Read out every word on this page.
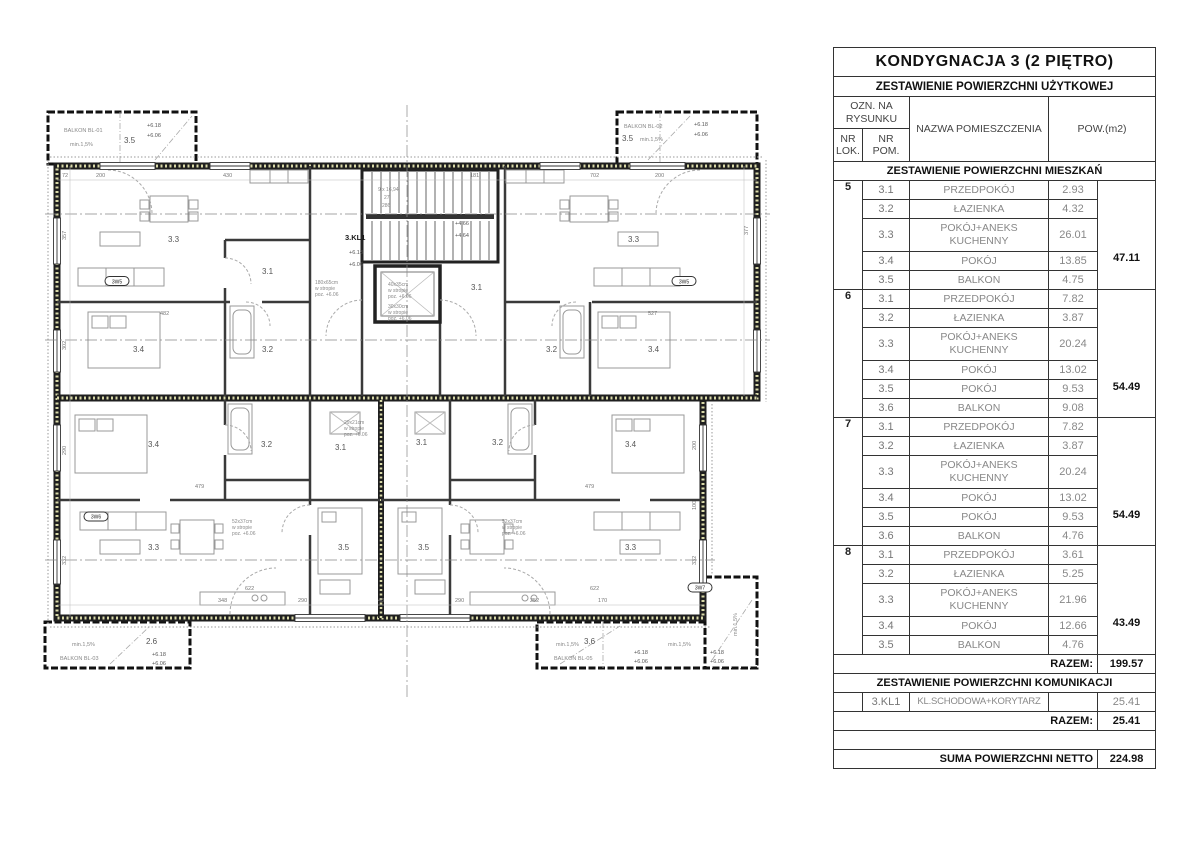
3.3
3.4
3.1
3.2
3.3
3.4
3.1
3.2
3.4	3.2
3.3
3.1
3.5
3.4
3.2
3.3
3.1
3.5
3.5	3.5
2.6	3.6
3.KL1
+6.18
+6.06
+4.66
+4.64
+6.18
+6.06
+6.18
+6.06
+6.18
+6.06
+6.18
+6.06
+6.18
+6.06
BALKON BL-01
min.1,5%
BALKON BL-02
min.1,5%
min.1,5%
BALKON BL-03
min.1,5%
BALKON BL-05
min.1,5%
min.1,5%
9 x 16,94
27
286
40x35cm
w stropie
poz. +6.06
30x30cm
w stropie
poz. +6.06
180x65cm
w stropie
poz. +6.06
29x21cm
w stropie
poz. +6.06
52x37cm
w stropie
poz. +6.06
52x37cm
w stropie
poz. +6.06
72	200	430	181	702	200
348	290	48	290	252	170
622	622
479	479
482	527
357
302
290
332
377
200
100
332
3W5
3W6
3W5
3W7
KONDYGNACJA 3 (2 PIĘTRO)				
ZESTAWIENIE POWIERZCHNI UŻYTKOWEJ				
OZN. NA RYSUNKU		NAZWA POMIESZCZENIA	POW.(m2)	
NR LOK.	NR POM.			
ZESTAWIENIE POWIERZCHNI MIESZKAŃ				
5	3.1	PRZEDPOKÓJ	2.93	47.11
	3.2	ŁAZIENKA	4.32	
	3.3	POKÓJ+ANEKS KUCHENNY	26.01	
	3.4	POKÓJ	13.85	
	3.5	BALKON	4.75	
6	3.1	PRZEDPOKÓJ	7.82	54.49
	3.2	ŁAZIENKA	3.87	
	3.3	POKÓJ+ANEKS KUCHENNY	20.24	
	3.4	POKÓJ	13.02	
	3.5	POKÓJ	9.53	
	3.6	BALKON	9.08	
7	3.1	PRZEDPOKÓJ	7.82	54.49
	3.2	ŁAZIENKA	3.87	
	3.3	POKÓJ+ANEKS KUCHENNY	20.24	
	3.4	POKÓJ	13.02	
	3.5	POKÓJ	9.53	
	3.6	BALKON	4.76	
8	3.1	PRZEDPOKÓJ	3.61	43.49
	3.2	ŁAZIENKA	5.25	
	3.3	POKÓJ+ANEKS KUCHENNY	21.96	
	3.4	POKÓJ	12.66	
	3.5	BALKON	4.76	
RAZEM:				199.57
ZESTAWIENIE POWIERZCHNI KOMUNIKACJI				
	3.KL1	KL.SCHODOWA+KORYTARZ		25.41
RAZEM:				25.41

SUMA POWIERZCHNI NETTO				224.98
